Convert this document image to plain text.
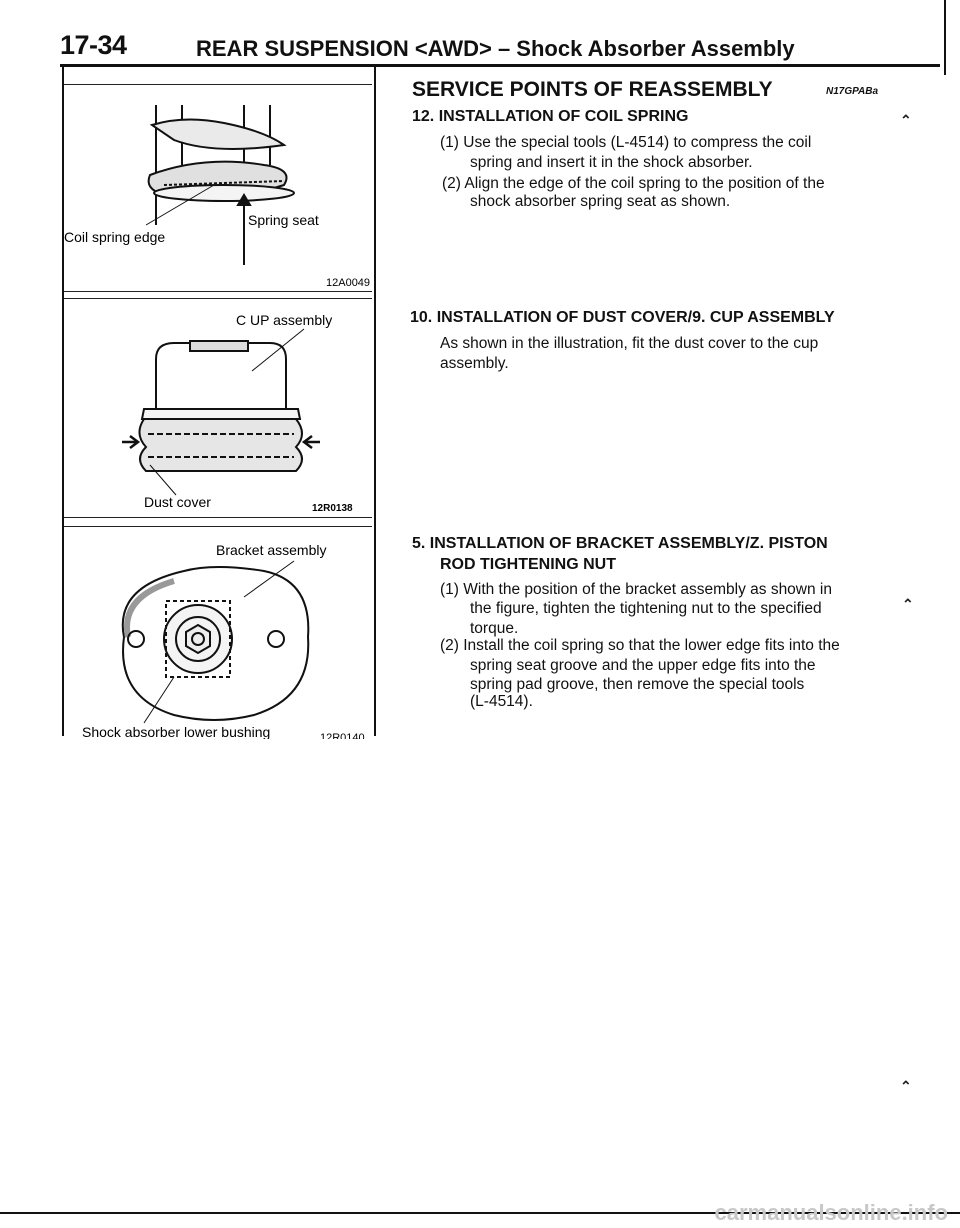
17-34	REAR SUSPENSION <AWD> – Shock Absorber Assembly
Coil spring edge
Spring seat
12A0049
C UP assembly
Dust cover	12R0138
Bracket assembly
Shock absorber lower bushing	12R0140
SERVICE POINTS OF REASSEMBLY	N17GPABa
12. INSTALLATION OF COIL SPRING
(1) Use the special tools (L-4514) to compress the coil
spring and insert it in the shock absorber.
(2) Align the edge of the coil spring to the position of the
shock absorber spring seat as shown.
⌃
10. INSTALLATION OF DUST COVER/9. CUP ASSEMBLY
As shown in the illustration, fit the dust cover to the cup
assembly.
5. INSTALLATION OF BRACKET ASSEMBLY/Z. PISTON
ROD TIGHTENING NUT
(1) With the position of the bracket assembly as shown in
the figure, tighten the tightening nut to the specified
torque.
(2) Install the coil spring so that the lower edge fits into the
spring seat groove and the upper edge fits into the
spring pad groove, then remove the special tools
(L-4514).
⌃
⌃
carmanualsonline.info
